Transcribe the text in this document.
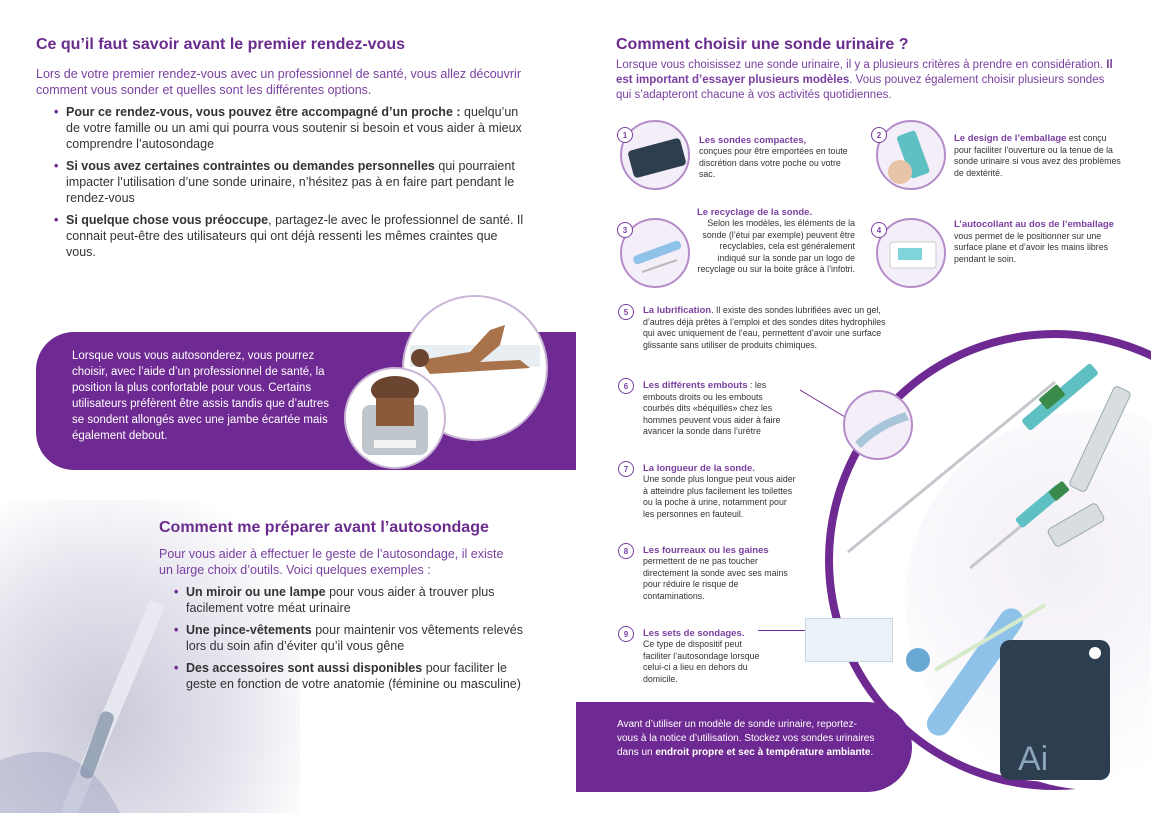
Ce qu’il faut savoir avant le premier rendez-vous
Lors de votre premier rendez-vous avec un professionnel de santé, vous allez découvrir comment vous sonder et quelles sont les différentes options.
• Pour ce rendez-vous, vous pouvez être accompagné d’un proche : quelqu’un de votre famille ou un ami qui pourra vous soutenir si besoin et vous aider à mieux comprendre l’autosondage
• Si vous avez certaines contraintes ou demandes personnelles qui pourraient impacter l’utilisation d’une sonde urinaire, n’hésitez pas à en faire part pendant le rendez-vous
• Si quelque chose vous préoccupe, partagez-le avec le professionnel de santé. Il connait peut-être des utilisateurs qui ont déjà ressenti les mêmes craintes que vous.
Lorsque vous vous autosonderez, vous pourrez choisir, avec l’aide d’un professionnel de santé, la position la plus confortable pour vous. Certains utilisateurs préfèrent être assis tandis que d’autres se sondent allongés avec une jambe écartée mais également debout.
Comment me préparer avant l’autosondage
Pour vous aider à effectuer le geste de l’autosondage, il existe un large choix d’outils. Voici quelques exemples :
• Un miroir ou une lampe pour vous aider à trouver plus facilement votre méat urinaire
• Une pince-vêtements pour maintenir vos vêtements relevés lors du soin afin d’éviter qu’il vous gêne
• Des accessoires sont aussi disponibles pour faciliter le geste en fonction de votre anatomie (féminine ou masculine)
Comment choisir une sonde urinaire ?
Lorsque vous choisissez une sonde urinaire, il y a plusieurs critères à prendre en considération. Il est important d’essayer plusieurs modèles. Vous pouvez également choisir plusieurs sondes qui s’adapteront chacune à vos activités quotidiennes.
Ai
1	Les sondes compactes,
conçues pour être emportées en toute discrétion dans votre poche ou votre sac.
2	Le design de l’emballage est conçu pour faciliter l’ouverture ou la tenue de la sonde urinaire si vous avez des problèmes de dextérité.
3
Le recyclage de la sonde.
Selon les modèles, les éléments de la sonde (l’étui par exemple) peuvent être recyclables, cela est généralement indiqué sur la sonde par un logo de recyclage ou sur la boite grâce à l’infotri.
4	L’autocollant au dos de l’emballage vous permet de le positionner sur une surface plane et d’avoir les mains libres pendant le soin.
5	La lubrification. Il existe des sondes lubrifiées avec un gel, d’autres déjà prêtes à l’emploi et des sondes dites hydrophiles qui avec uniquement de l’eau, permettent d’avoir une surface glissante sans utiliser de produits chimiques.
6	Les différents embouts : les embouts droits ou les embouts courbés dits «béquillés» chez les hommes peuvent vous aider à faire avancer la sonde dans l’urètre
7	La longueur de la sonde.
Une sonde plus longue peut vous aider à atteindre plus facilement les toilettes ou la poche à urine, notamment pour les personnes en fauteuil.
8	Les fourreaux ou les gaines
permettent de ne pas toucher directement la sonde avec ses mains pour réduire le risque de contaminations.
9	Les sets de sondages.
Ce type de dispositif peut faciliter l’autosondage lorsque celui-ci a lieu en dehors du domicile.
Avant d’utiliser un modèle de sonde urinaire, reportez-vous à la notice d’utilisation. Stockez vos sondes urinaires dans un endroit propre et sec à température ambiante.
